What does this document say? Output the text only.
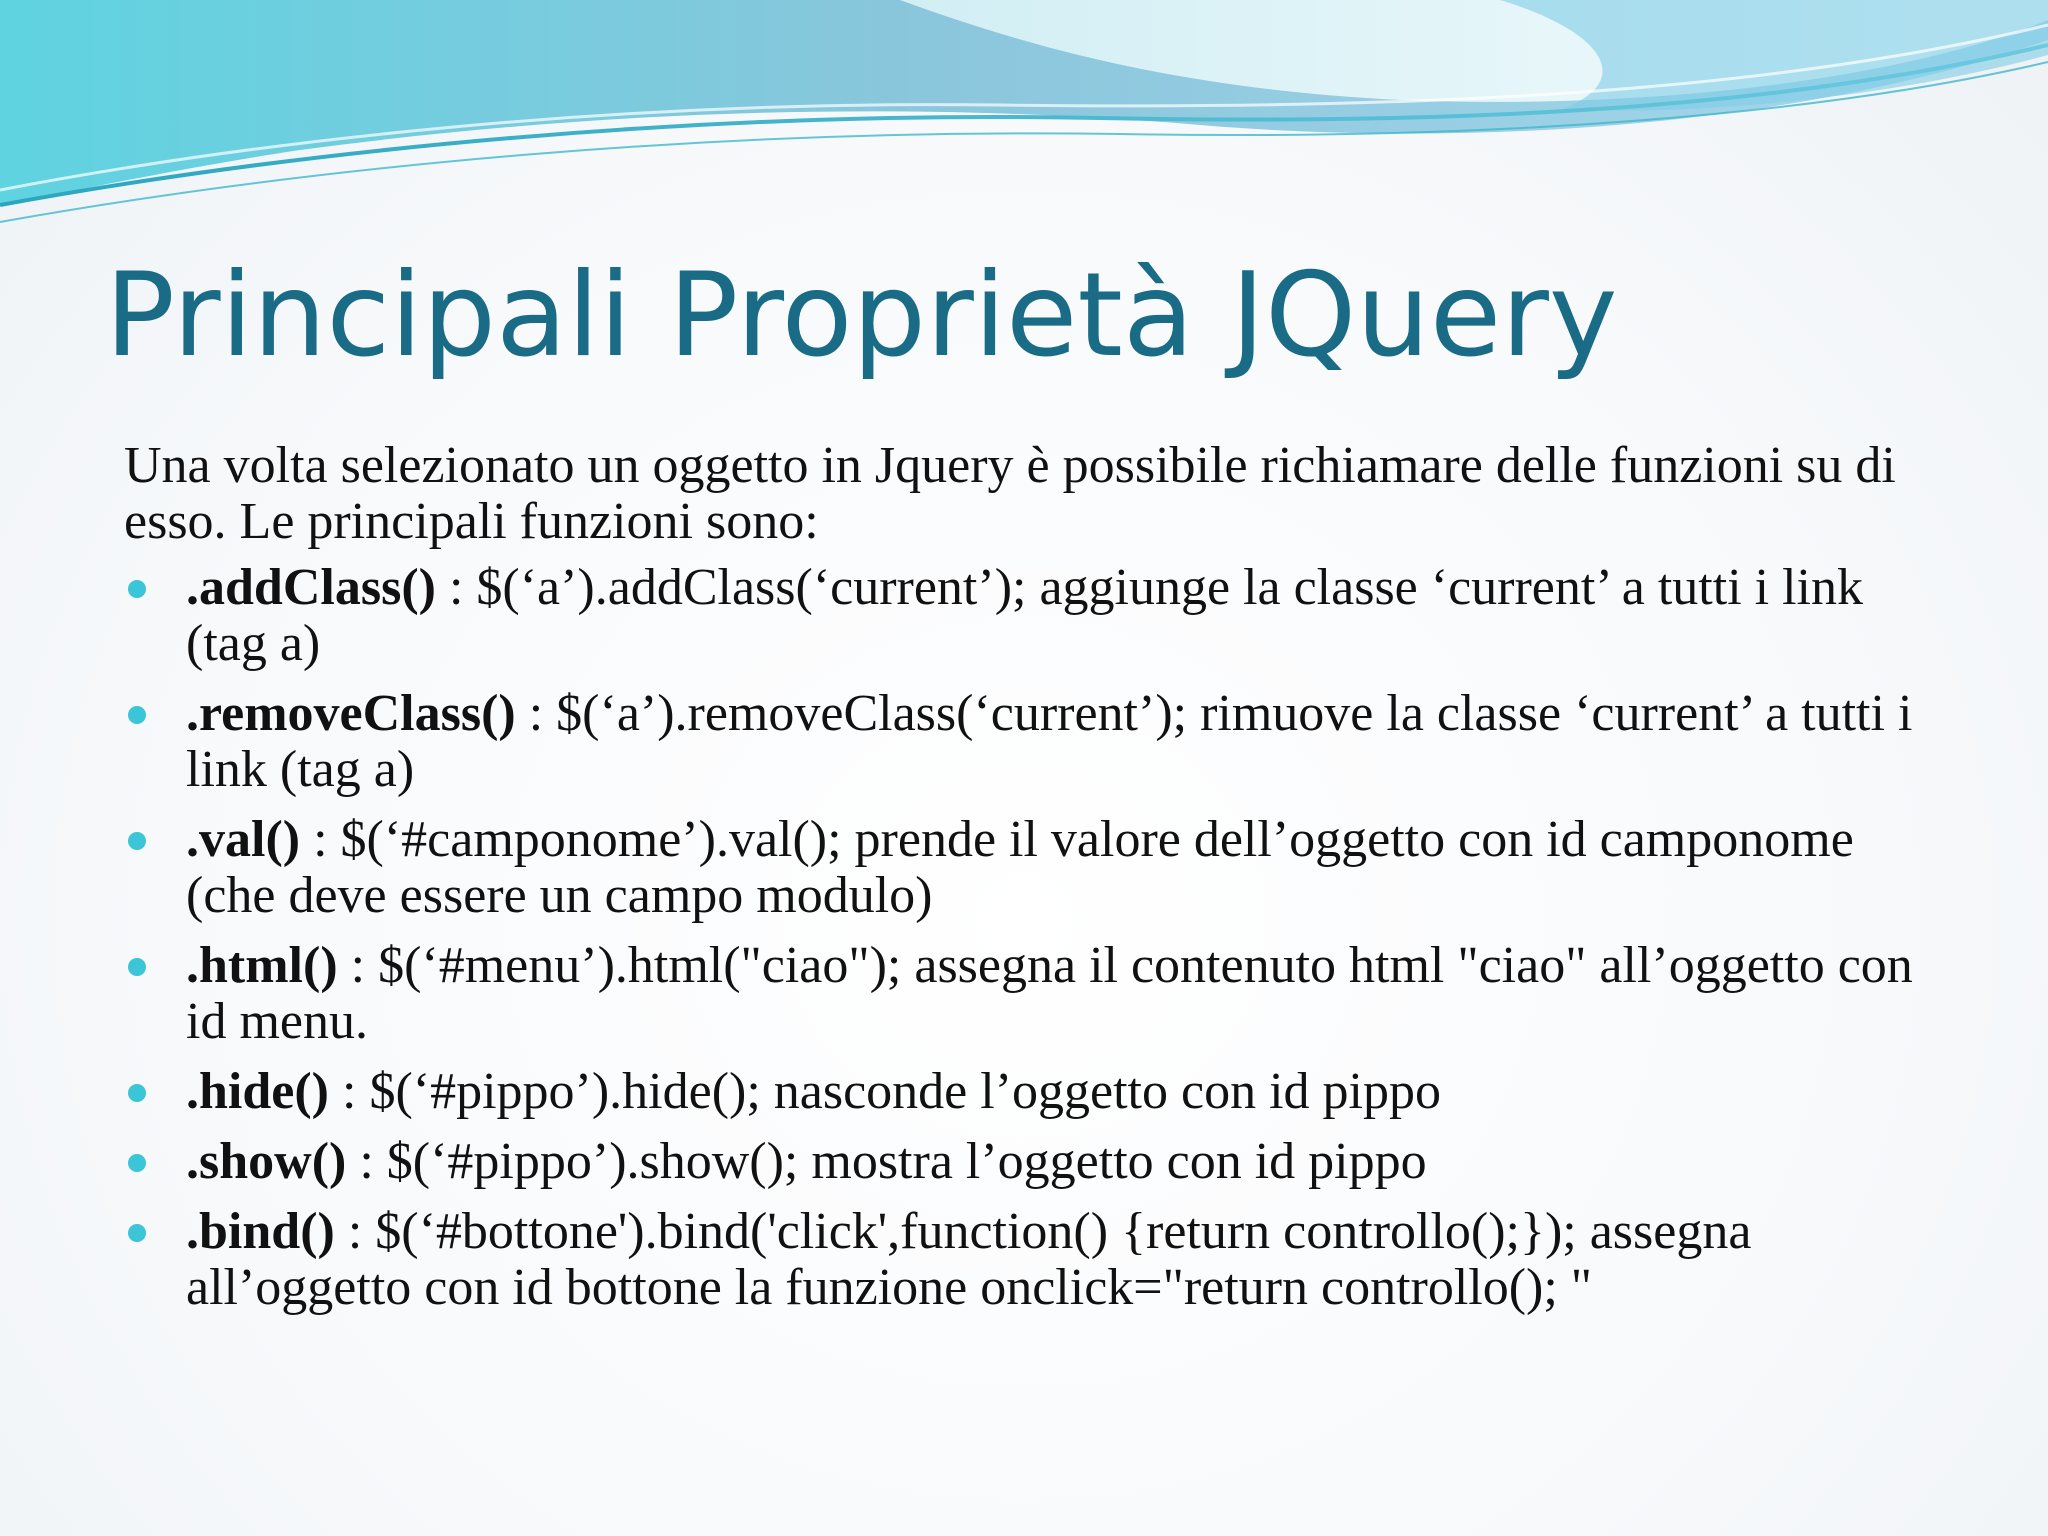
Principali Proprietà JQuery

Una volta selezionato un oggetto in Jquery è possibile richiamare delle funzioni su di esso. Le principali funzioni sono:

.addClass() : $(‘a’).addClass(‘current’); aggiunge la classe ‘current’ a tutti i link (tag a)
.removeClass() : $(‘a’).removeClass(‘current’); rimuove la classe ‘current’ a tutti i link (tag a)
.val() : $(‘#camponome’).val(); prende il valore dell’oggetto con id camponome (che deve essere un campo modulo)
.html() : $(‘#menu’).html("ciao"); assegna il contenuto html "ciao" all’oggetto con id menu.
.hide() : $(‘#pippo’).hide(); nasconde l’oggetto con id pippo
.show() : $(‘#pippo’).show(); mostra l’oggetto con id pippo
.bind() : $(‘#bottone').bind('click',function() {return controllo();}); assegna all’oggetto con id bottone la funzione onclick="return controllo(); "
